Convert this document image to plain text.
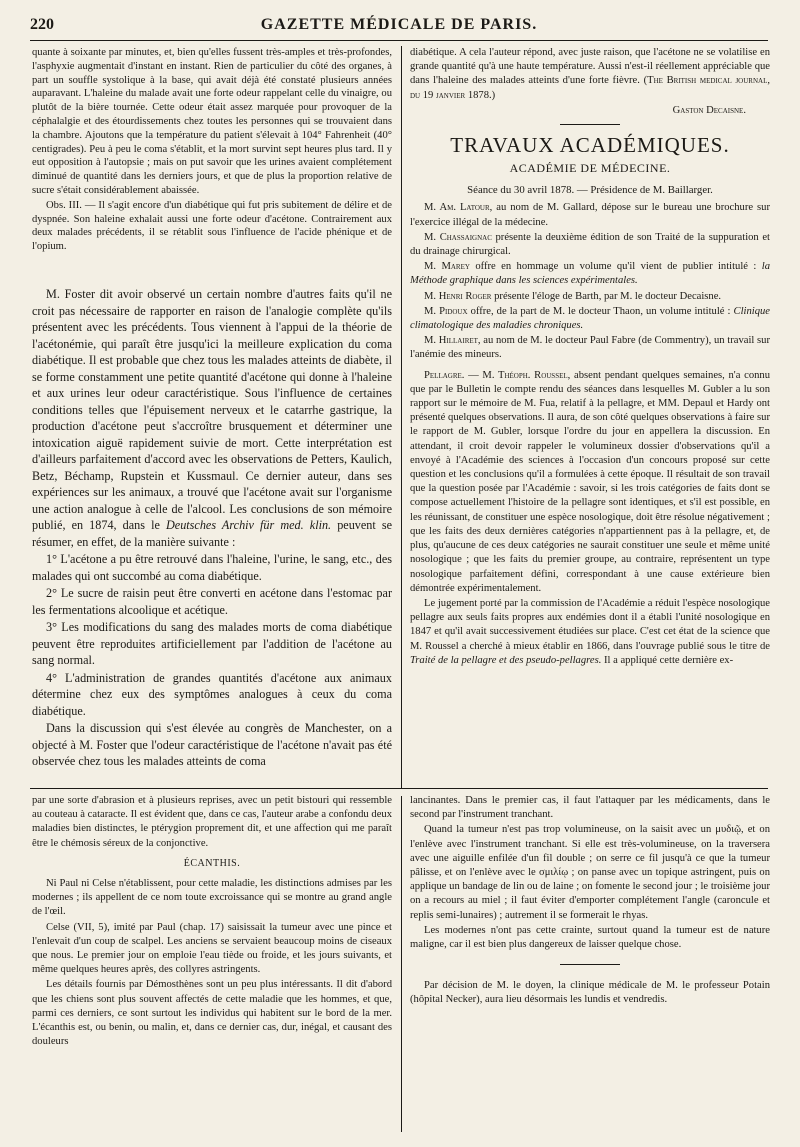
220	GAZETTE MÉDICALE DE PARIS.

quante à soixante par minutes, et, bien qu'elles fussent très-amples et très-profondes, l'asphyxie augmentait d'instant en instant. Rien de particulier du côté des organes, à part un souffle systolique à la base, qui avait déjà été constaté plusieurs années auparavant. L'haleine du malade avait une forte odeur rappelant celle du vinaigre, ou plutôt de la bière tournée. Cette odeur était assez marquée pour provoquer de la céphalalgie et des étourdissements chez toutes les personnes qui se trouvaient dans la chambre. Ajoutons que la température du patient s'élevait à 104° Fahrenheit (40° centigrades). Peu à peu le coma s'établit, et la mort survint sept heures plus tard. Il y eut opposition à l'autopsie ; mais on put savoir que les urines avaient complétement diminué de quantité dans les derniers jours, et que de plus la proportion relative de sucre s'était considérablement abaissée.

Obs. III. — Il s'agit encore d'un diabétique qui fut pris subitement de délire et de dyspnée. Son haleine exhalait aussi une forte odeur d'acétone. Contrairement aux deux malades précédents, il se rétablit sous l'influence de l'acide phénique et de l'opium.

M. Foster dit avoir observé un certain nombre d'autres faits qu'il ne croit pas nécessaire de rapporter en raison de l'analogie complète qu'ils présentent avec les précédents. Tous viennent à l'appui de la théorie de l'acétonémie, qui paraît être jusqu'ici la meilleure explication du coma diabétique. Il est probable que chez tous les malades atteints de diabète, il se forme constamment une petite quantité d'acétone qui donne à l'haleine et aux urines leur odeur caractéristique. Sous l'influence de certaines conditions telles que l'épuisement nerveux et le catarrhe gastrique, la production d'acétone peut s'accroître brusquement et déterminer une intoxication aiguë rapidement suivie de mort. Cette interprétation est d'ailleurs parfaitement d'accord avec les observations de Petters, Kaulich, Betz, Béchamp, Rupstein et Kussmaul. Ce dernier auteur, dans ses expériences sur les animaux, a trouvé que l'acétone avait sur l'organisme une action analogue à celle de l'alcool. Les conclusions de son mémoire publié, en 1874, dans le Deutsches Archiv für med. klin. peuvent se résumer, en effet, de la manière suivante :

1° L'acétone a pu être retrouvé dans l'haleine, l'urine, le sang, etc., des malades qui ont succombé au coma diabétique.

2° Le sucre de raisin peut être converti en acétone dans l'estomac par les fermentations alcoolique et acétique.

3° Les modifications du sang des malades morts de coma diabétique peuvent être reproduites artificiellement par l'addition de l'acétone au sang normal.

4° L'administration de grandes quantités d'acétone aux animaux détermine chez eux des symptômes analogues à ceux du coma diabétique.

Dans la discussion qui s'est élevée au congrès de Manchester, on a objecté à M. Foster que l'odeur caractéristique de l'acétone n'avait pas été observée chez tous les malades atteints de coma

diabétique. A cela l'auteur répond, avec juste raison, que l'acétone ne se volatilise en grande quantité qu'à une haute température. Aussi n'est-il réellement appréciable que dans l'haleine des malades atteints d'une forte fièvre. (The British medical journal, du 19 janvier 1878.)

Gaston Decaisne.

TRAVAUX ACADÉMIQUES.

ACADÉMIE DE MÉDECINE.

Séance du 30 avril 1878. — Présidence de M. Baillarger.

M. Am. Latour, au nom de M. Gallard, dépose sur le bureau une brochure sur l'exercice illégal de la médecine.

M. Chassaignac présente la deuxième édition de son Traité de la suppuration et du drainage chirurgical.

M. Marey offre en hommage un volume qu'il vient de publier intitulé : la Méthode graphique dans les sciences expérimentales.

M. Henri Roger présente l'éloge de Barth, par M. le docteur Decaisne.

M. Pidoux offre, de la part de M. le docteur Thaon, un volume intitulé : Clinique climatologique des maladies chroniques.

M. Hillairet, au nom de M. le docteur Paul Fabre (de Commentry), un travail sur l'anémie des mineurs.

Pellagre. — M. Théoph. Roussel, absent pendant quelques semaines, n'a connu que par le Bulletin le compte rendu des séances dans lesquelles M. Gubler a lu son rapport sur le mémoire de M. Fua, relatif à la pellagre, et MM. Depaul et Hardy ont présenté quelques observations. Il aura, de son côté quelques observations à faire sur le rapport de M. Gubler, lorsque l'ordre du jour en appellera la discussion. En attendant, il croit devoir rappeler le volumineux dossier d'observations qu'il a envoyé à l'Académie des sciences à l'occasion d'un concours proposé sur cette question et les conclusions qu'il a formulées à cette époque. Il résultait de son travail que la question posée par l'Académie : savoir, si les trois catégories de faits dont se compose actuellement l'histoire de la pellagre sont identiques, et s'il est possible, en les réunissant, de constituer une espèce nosologique, doit être résolue négativement ; que les faits des deux dernières catégories n'appartiennent pas à la pellagre, et, de plus, qu'aucune de ces deux catégories ne saurait constituer une seule et même unité nosologique ; que les faits du premier groupe, au contraire, représentent un type nosologique parfaitement défini, correspondant à une cause extérieure bien démontrée expérimentalement.

Le jugement porté par la commission de l'Académie a réduit l'espèce nosologique pellagre aux seuls faits propres aux endémies dont il a établi l'unité nosologique en 1847 et qu'il avait successivement étudiées sur place. C'est cet état de la science que M. Roussel a cherché à mieux établir en 1866, dans l'ouvrage publié sous le titre de Traité de la pellagre et des pseudo-pellagres. Il a appliqué cette dernière ex-

par une sorte d'abrasion et à plusieurs reprises, avec un petit bistouri qui ressemble au couteau à cataracte. Il est évident que, dans ce cas, l'auteur arabe a confondu deux maladies bien distinctes, le ptérygion proprement dit, et une affection qui me paraît être le chémosis séreux de la conjonctive.

ÉCANTHIS.

Ni Paul ni Celse n'établissent, pour cette maladie, les distinctions admises par les modernes ; ils appellent de ce nom toute excroissance qui se montre au grand angle de l'œil.

Celse (VII, 5), imité par Paul (chap. 17) saisissait la tumeur avec une pince et l'enlevait d'un coup de scalpel. Les anciens se servaient beaucoup moins de ciseaux que nous. Le premier jour on emploie l'eau tiède ou froide, et les jours suivants, et même quelques heures après, des collyres astringents.

Les détails fournis par Démosthènes sont un peu plus intéressants. Il dit d'abord que les chiens sont plus souvent affectés de cette maladie que les hommes, et que, parmi ces derniers, ce sont surtout les individus qui habitent sur le bord de la mer. L'écanthis est, ou benin, ou malin, et, dans ce dernier cas, dur, inégal, et causant des douleurs

lancinantes. Dans le premier cas, il faut l'attaquer par les médicaments, dans le second par l'instrument tranchant.

Quand la tumeur n'est pas trop volumineuse, on la saisit avec un μυδιῷ, et on l'enlève avec l'instrument tranchant. Si elle est très-volumineuse, on la traversera avec une aiguille enfilée d'un fil double ; on serre ce fil jusqu'à ce que la tumeur pâlisse, et on l'enlève avec le σμιλίῳ ; on panse avec un topique astringent, puis on applique un bandage de lin ou de laine ; on fomente le second jour ; le troisième jour on a recours au miel ; il faut éviter d'emporter complétement l'angle (caroncule et replis semi-lunaires) ; autrement il se formerait le rhyas.

Les modernes n'ont pas cette crainte, surtout quand la tumeur est de nature maligne, car il est bien plus dangereux de laisser quelque chose.

Par décision de M. le doyen, la clinique médicale de M. le professeur Potain (hôpital Necker), aura lieu désormais les lundis et vendredis.
